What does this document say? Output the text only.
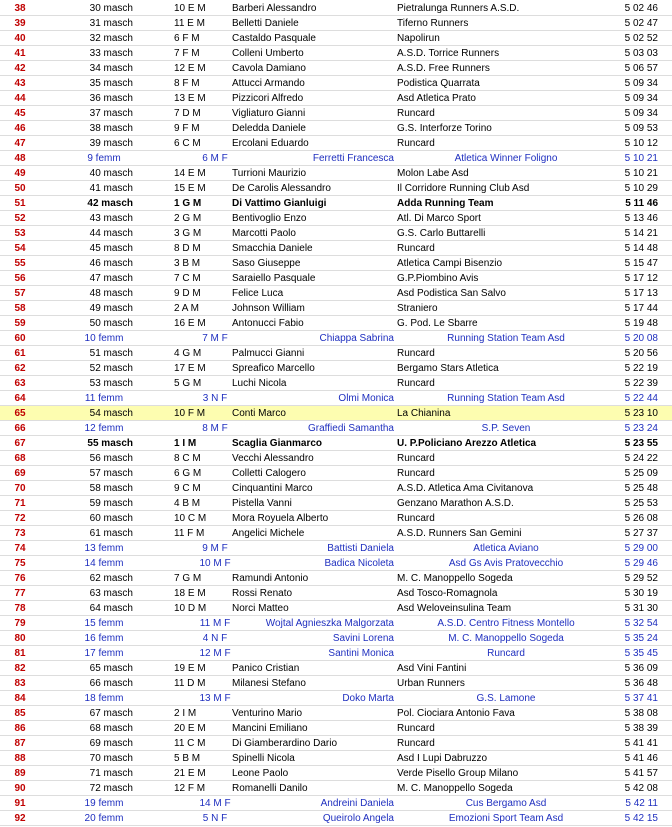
38	30 masch	10 E M	Barberi Alessandro	Pietralunga Runners A.S.D.	5 02 46
39	31 masch	11 E M	Belletti Daniele	Tiferno Runners	5 02 47
40	32 masch	6 F M	Castaldo Pasquale	Napolirun	5 02 52
41	33 masch	7 F M	Colleni Umberto	A.S.D. Torrice Runners	5 03 03
42	34 masch	12 E M	Cavola Damiano	A.S.D. Free Runners	5 06 57
43	35 masch	8 F M	Attucci Armando	Podistica Quarrata	5 09 34
44	36 masch	13 E M	Pizzicori Alfredo	Asd Atletica Prato	5 09 34
45	37 masch	7 D M	Vigliaturo Gianni	Runcard	5 09 34
46	38 masch	9 F M	Deledda Daniele	G.S. Interforze Torino	5 09 53
47	39 masch	6 C M	Ercolani Eduardo	Runcard	5 10 12
48	9 femm	6 M F	Ferretti Francesca	Atletica Winner Foligno	5 10 21
49	40 masch	14 E M	Turrioni Maurizio	Molon Labe Asd	5 10 21
50	41 masch	15 E M	De Carolis Alessandro	Il Corridore Running Club Asd	5 10 29
51	42 masch	1 G M	Di Vattimo Gianluigi	Adda Running Team	5 11 46
52	43 masch	2 G M	Bentivoglio Enzo	Atl. Di Marco Sport	5 13 46
53	44 masch	3 G M	Marcotti Paolo	G.S. Carlo Buttarelli	5 14 21
54	45 masch	8 D M	Smacchia Daniele	Runcard	5 14 48
55	46 masch	3 B M	Saso Giuseppe	Atletica Campi Bisenzio	5 15 47
56	47 masch	7 C M	Saraiello Pasquale	G.P.Piombino Avis	5 17 12
57	48 masch	9 D M	Felice Luca	Asd Podistica San Salvo	5 17 13
58	49 masch	2 A M	Johnson William	Straniero	5 17 44
59	50 masch	16 E M	Antonucci Fabio	G. Pod. Le Sbarre	5 19 48
60	10 femm	7 M F	Chiappa Sabrina	Running Station Team Asd	5 20 08
61	51 masch	4 G M	Palmucci Gianni	Runcard	5 20 56
62	52 masch	17 E M	Spreafico Marcello	Bergamo Stars Atletica	5 22 19
63	53 masch	5 G M	Luchi Nicola	Runcard	5 22 39
64	11 femm	3 N F	Olmi Monica	Running Station Team Asd	5 22 44
65	54 masch	10 F M	Conti Marco	La Chianina	5 23 10
66	12 femm	8 M F	Graffiedi Samantha	S.P. Seven	5 23 24
67	55 masch	1 I M	Scaglia Gianmarco	U. P.Policiano Arezzo Atletica	5 23 55
68	56 masch	8 C M	Vecchi Alessandro	Runcard	5 24 22
69	57 masch	6 G M	Colletti Calogero	Runcard	5 25 09
70	58 masch	9 C M	Cinquantini Marco	A.S.D. Atletica Ama Civitanova	5 25 48
71	59 masch	4 B M	Pistella Vanni	Genzano Marathon A.S.D.	5 25 53
72	60 masch	10 C M	Mora Royuela Alberto	Runcard	5 26 08
73	61 masch	11 F M	Angelici Michele	A.S.D. Runners San Gemini	5 27 37
74	13 femm	9 M F	Battisti Daniela	Atletica Aviano	5 29 00
75	14 femm	10 M F	Badica Nicoleta	Asd Gs Avis Pratovecchio	5 29 46
76	62 masch	7 G M	Ramundi Antonio	M. C. Manoppello Sogeda	5 29 52
77	63 masch	18 E M	Rossi Renato	Asd Tosco-Romagnola	5 30 19
78	64 masch	10 D M	Norci Matteo	Asd Weloveinsulina Team	5 31 30
79	15 femm	11 M F	Wojtal Agnieszka Malgorzata	A.S.D. Centro Fitness Montello	5 32 54
80	16 femm	4 N F	Savini Lorena	M. C. Manoppello Sogeda	5 35 24
81	17 femm	12 M F	Santini Monica	Runcard	5 35 45
82	65 masch	19 E M	Panico Cristian	Asd Vini Fantini	5 36 09
83	66 masch	11 D M	Milanesi Stefano	Urban Runners	5 36 48
84	18 femm	13 M F	Doko Marta	G.S. Lamone	5 37 41
85	67 masch	2 I M	Venturino Mario	Pol. Ciociara Antonio Fava	5 38 08
86	68 masch	20 E M	Mancini Emiliano	Runcard	5 38 39
87	69 masch	11 C M	Di Giamberardino Dario	Runcard	5 41 41
88	70 masch	5 B M	Spinelli Nicola	Asd I Lupi Dabruzzo	5 41 46
89	71 masch	21 E M	Leone Paolo	Verde Pisello Group Milano	5 41 57
90	72 masch	12 F M	Romanelli Danilo	M. C. Manoppello Sogeda	5 42 08
91	19 femm	14 M F	Andreini Daniela	Cus Bergamo Asd	5 42 11
92	20 femm	5 N F	Queirolo Angela	Emozioni Sport Team Asd	5 42 15
